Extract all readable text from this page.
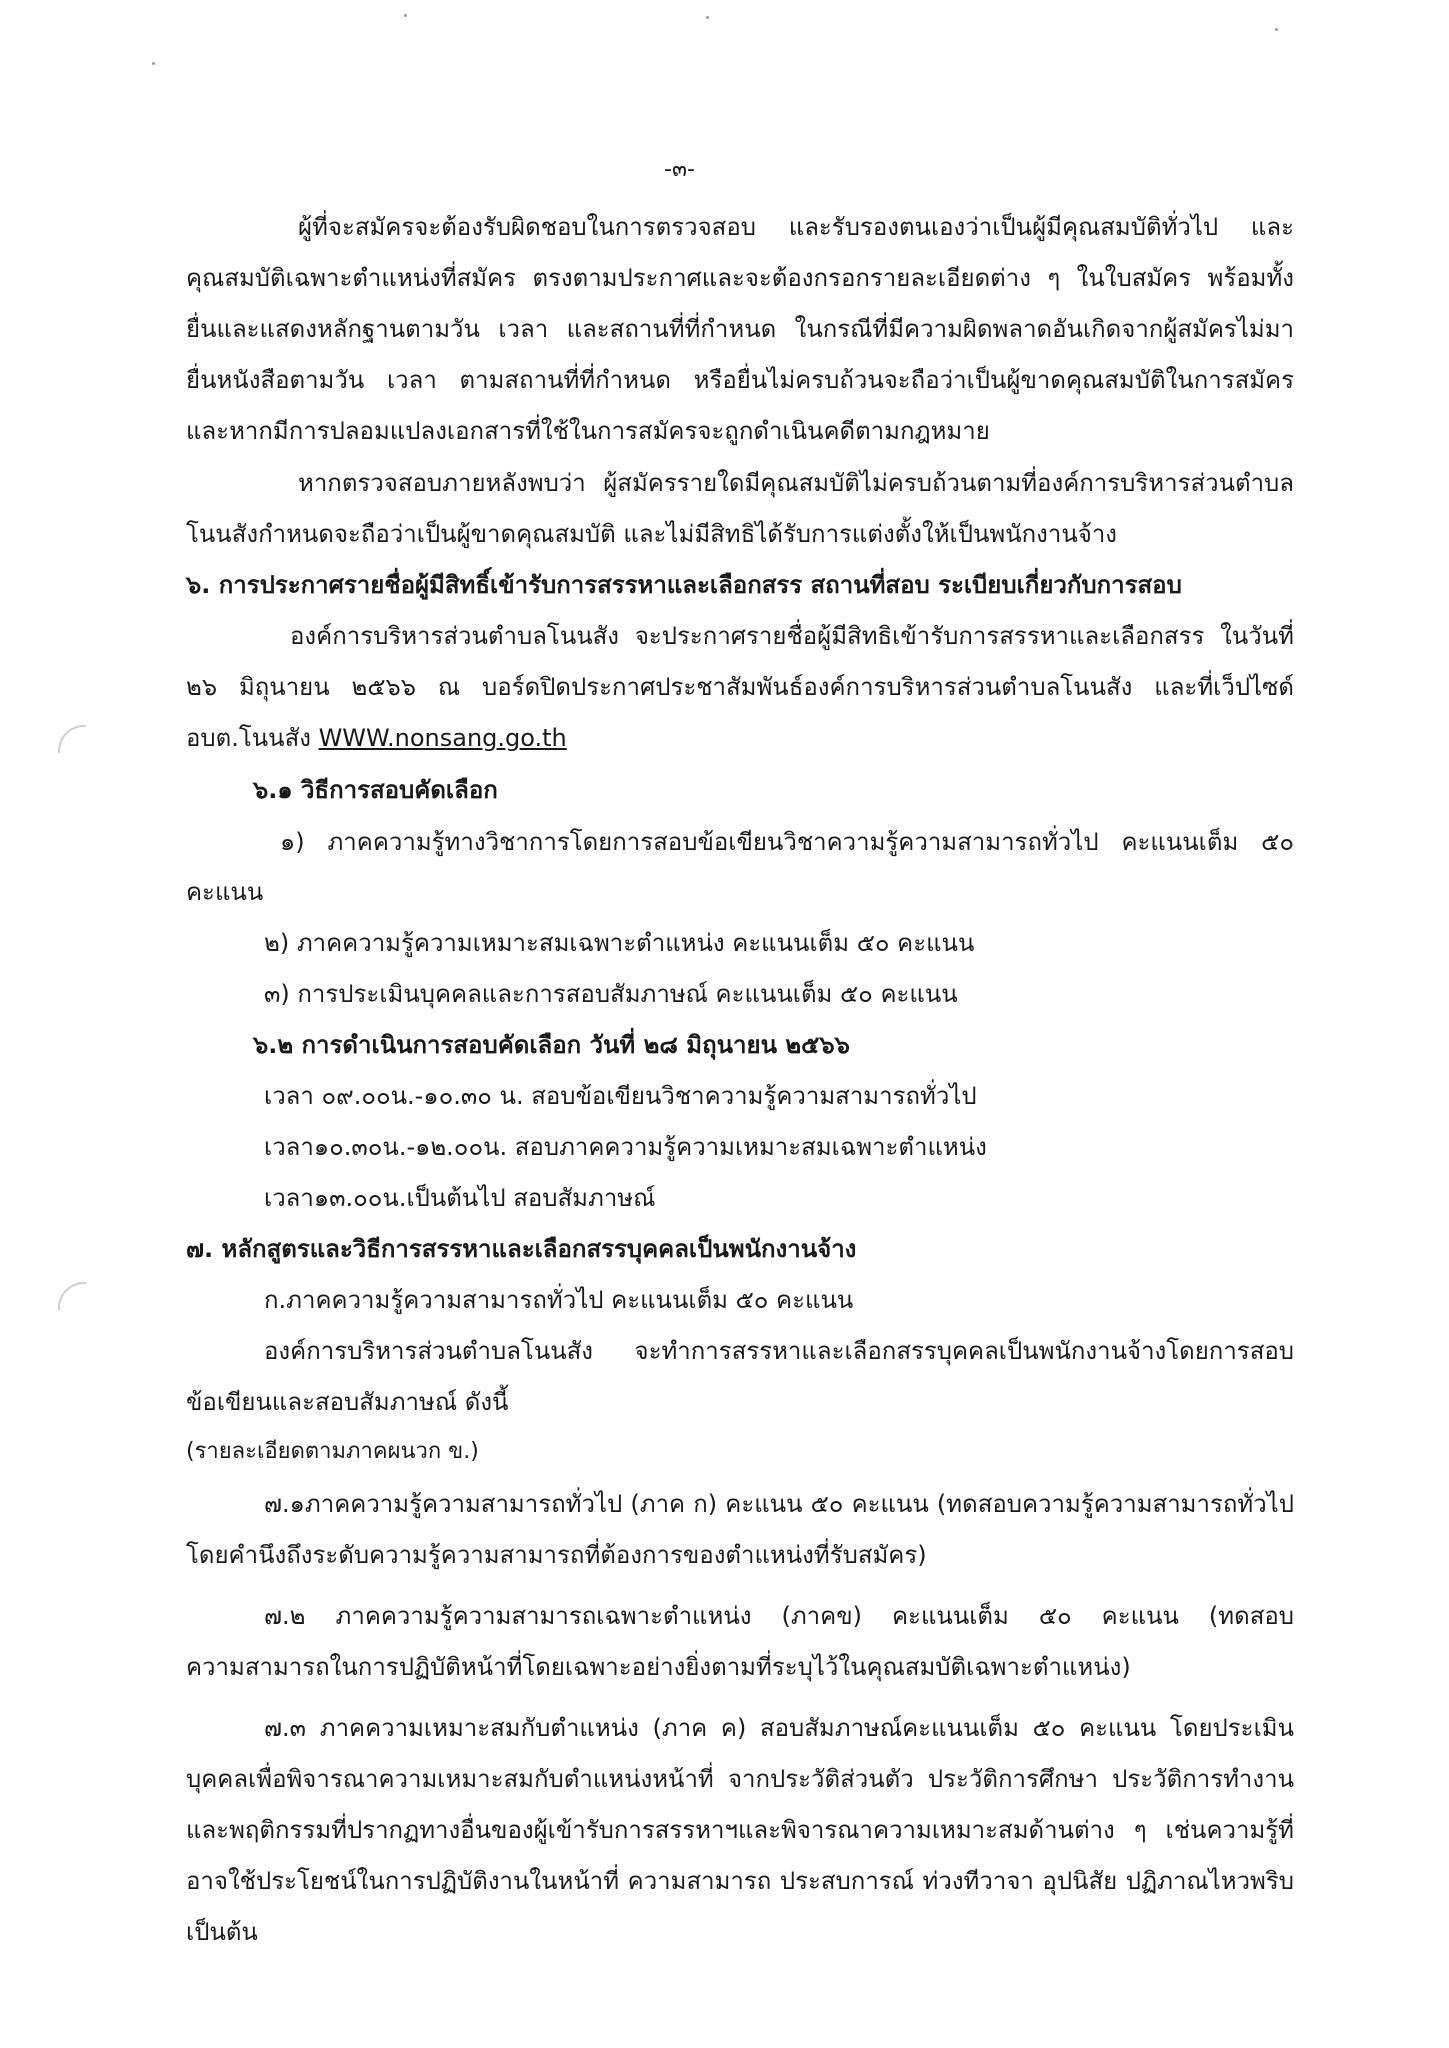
-๓-
ผู้ที่จะสมัครจะต้องรับผิดชอบในการตรวจสอบ และรับรองตนเองว่าเป็นผู้มีคุณสมบัติทั่วไป และ
คุณสมบัติเฉพาะตำแหน่งที่สมัคร ตรงตามประกาศและจะต้องกรอกรายละเอียดต่าง ๆ ในใบสมัคร พร้อมทั้ง
ยื่นและแสดงหลักฐานตามวัน เวลา และสถานที่ที่กำหนด ในกรณีที่มีความผิดพลาดอันเกิดจากผู้สมัครไม่มา
ยื่นหนังสือตามวัน เวลา ตามสถานที่ที่กำหนด หรือยื่นไม่ครบถ้วนจะถือว่าเป็นผู้ขาดคุณสมบัติในการสมัคร
และหากมีการปลอมแปลงเอกสารที่ใช้ในการสมัครจะถูกดำเนินคดีตามกฎหมาย
หากตรวจสอบภายหลังพบว่า ผู้สมัครรายใดมีคุณสมบัติไม่ครบถ้วนตามที่องค์การบริหารส่วนตำบล
โนนสังกำหนดจะถือว่าเป็นผู้ขาดคุณสมบัติ และไม่มีสิทธิได้รับการแต่งตั้งให้เป็นพนักงานจ้าง
๖. การประกาศรายชื่อผู้มีสิทธิ์เข้ารับการสรรหาและเลือกสรร สถานที่สอบ ระเบียบเกี่ยวกับการสอบ
องค์การบริหารส่วนตำบลโนนสัง จะประกาศรายชื่อผู้มีสิทธิเข้ารับการสรรหาและเลือกสรร ในวันที่
๒๖ มิถุนายน ๒๕๖๖ ณ บอร์ดปิดประกาศประชาสัมพันธ์องค์การบริหารส่วนตำบลโนนสัง และที่เว็ปไซด์
อบต.โนนสัง WWW.nonsang.go.th
๖.๑ วิธีการสอบคัดเลือก
๑) ภาคความรู้ทางวิชาการโดยการสอบข้อเขียนวิชาความรู้ความสามารถทั่วไป คะแนนเต็ม ๕๐
คะแนน
๒) ภาคความรู้ความเหมาะสมเฉพาะตำแหน่ง คะแนนเต็ม ๕๐ คะแนน
๓) การประเมินบุคคลและการสอบสัมภาษณ์ คะแนนเต็ม ๕๐ คะแนน
๖.๒ การดำเนินการสอบคัดเลือก วันที่ ๒๘ มิถุนายน ๒๕๖๖
เวลา ๐๙.๐๐น.-๑๐.๓๐ น. สอบข้อเขียนวิชาความรู้ความสามารถทั่วไป
เวลา๑๐.๓๐น.-๑๒.๐๐น. สอบภาคความรู้ความเหมาะสมเฉพาะตำแหน่ง
เวลา๑๓.๐๐น.เป็นต้นไป สอบสัมภาษณ์
๗. หลักสูตรและวิธีการสรรหาและเลือกสรรบุคคลเป็นพนักงานจ้าง
ก.ภาคความรู้ความสามารถทั่วไป คะแนนเต็ม ๕๐ คะแนน
องค์การบริหารส่วนตำบลโนนสัง จะทำการสรรหาและเลือกสรรบุคคลเป็นพนักงานจ้างโดยการสอบ
ข้อเขียนและสอบสัมภาษณ์ ดังนี้
(รายละเอียดตามภาคผนวก ข.)
๗.๑ภาคความรู้ความสามารถทั่วไป (ภาค ก) คะแนน ๕๐ คะแนน (ทดสอบความรู้ความสามารถทั่วไป
โดยคำนึงถึงระดับความรู้ความสามารถที่ต้องการของตำแหน่งที่รับสมัคร)
๗.๒ ภาคความรู้ความสามารถเฉพาะตำแหน่ง (ภาคข) คะแนนเต็ม ๕๐ คะแนน (ทดสอบ
ความสามารถในการปฏิบัติหน้าที่โดยเฉพาะอย่างยิ่งตามที่ระบุไว้ในคุณสมบัติเฉพาะตำแหน่ง)
๗.๓ ภาคความเหมาะสมกับตำแหน่ง (ภาค ค) สอบสัมภาษณ์คะแนนเต็ม ๕๐ คะแนน โดยประเมิน
บุคคลเพื่อพิจารณาความเหมาะสมกับตำแหน่งหน้าที่ จากประวัติส่วนตัว ประวัติการศึกษา ประวัติการทำงาน
และพฤติกรรมที่ปรากฏทางอื่นของผู้เข้ารับการสรรหาฯและพิจารณาความเหมาะสมด้านต่าง ๆ เช่นความรู้ที่
อาจใช้ประโยชน์ในการปฏิบัติงานในหน้าที่ ความสามารถ ประสบการณ์ ท่วงทีวาจา อุปนิสัย ปฏิภาณไหวพริบ
เป็นต้น
